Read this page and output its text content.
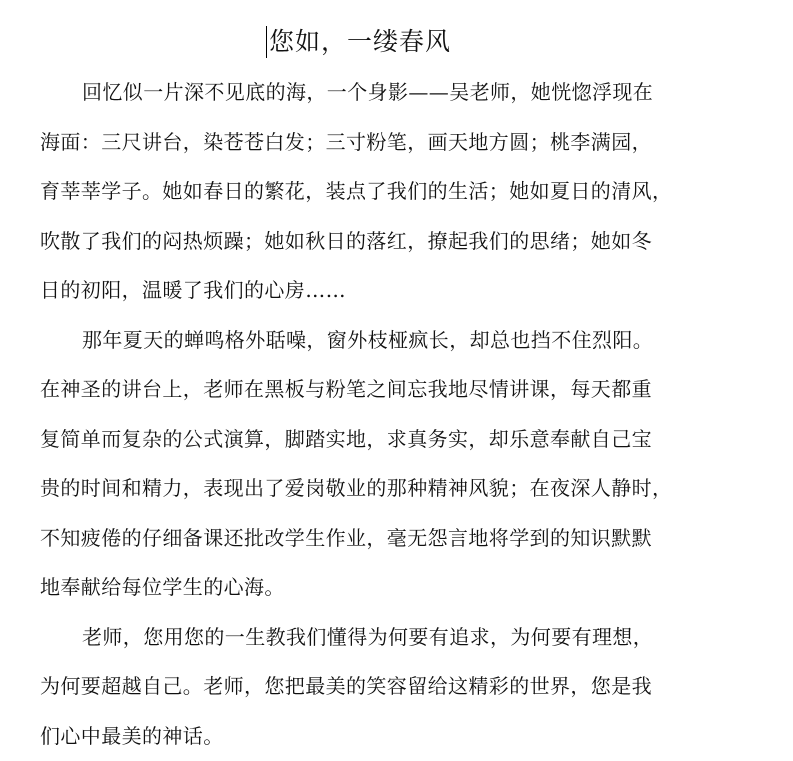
您如，一缕春风
回忆似一片深不见底的海，一个身影——吴老师，她恍惚浮现在
海面：三尺讲台，染苍苍白发；三寸粉笔，画天地方圆；桃李满园，
育莘莘学子。她如春日的繁花，装点了我们的生活；她如夏日的清风，
吹散了我们的闷热烦躁；她如秋日的落红，撩起我们的思绪；她如冬
日的初阳，温暖了我们的心房……
那年夏天的蝉鸣格外聒噪，窗外枝桠疯长，却总也挡不住烈阳。
在神圣的讲台上，老师在黑板与粉笔之间忘我地尽情讲课，每天都重
复简单而复杂的公式演算，脚踏实地，求真务实，却乐意奉献自己宝
贵的时间和精力，表现出了爱岗敬业的那种精神风貌；在夜深人静时，
不知疲倦的仔细备课还批改学生作业，毫无怨言地将学到的知识默默
地奉献给每位学生的心海。
老师，您用您的一生教我们懂得为何要有追求，为何要有理想，
为何要超越自己。老师，您把最美的笑容留给这精彩的世界，您是我
们心中最美的神话。
